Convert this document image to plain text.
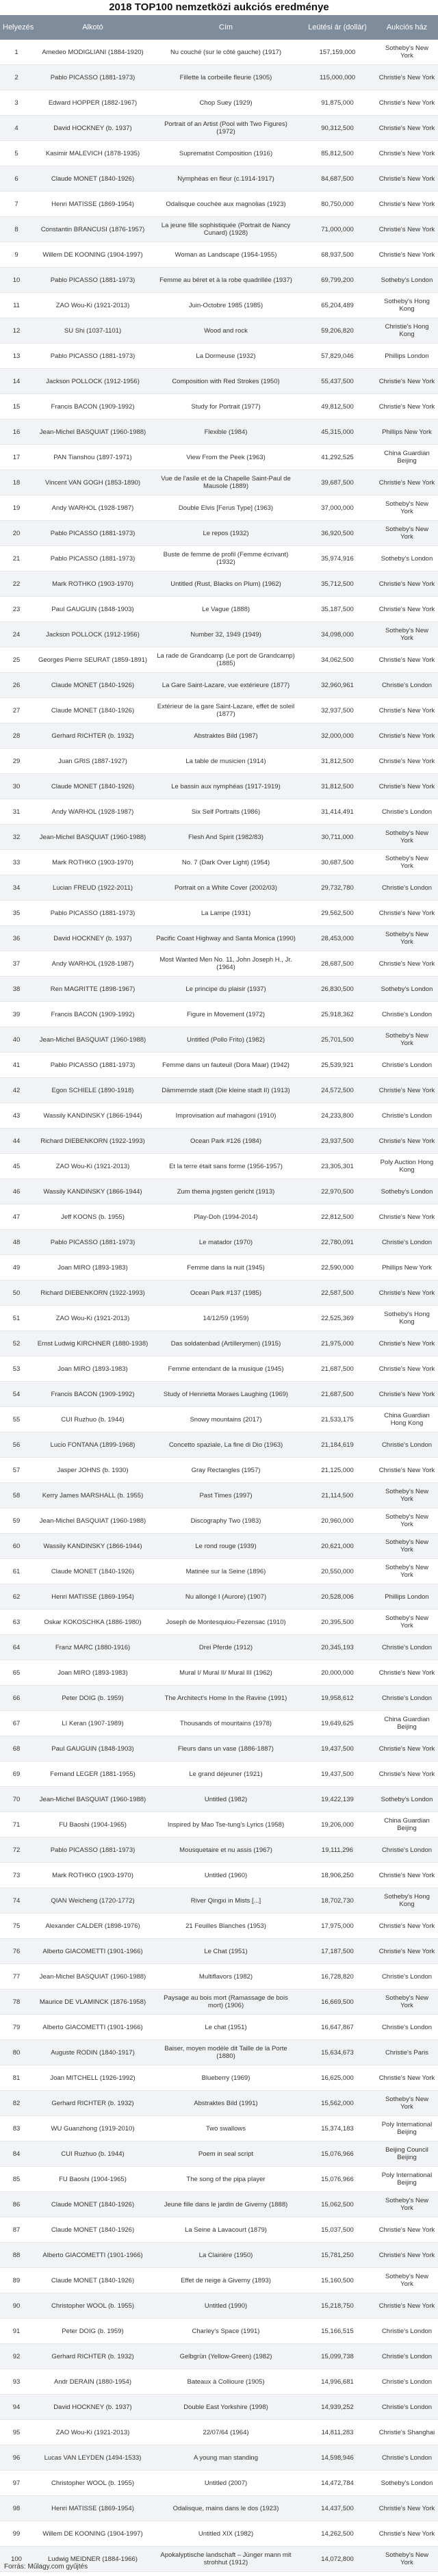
2018 TOP100 nemzetközi aukciós eredménye
Helyezés	Alkotó	Cím	Leütési ár (dollár)	Aukciós ház
1	Amedeo MODIGLIANI (1884-1920)	Nu couché (sur le côté gauche) (1917)	157,159,000	Sotheby's New York
2	Pablo PICASSO (1881-1973)	Fillette la corbeille fleurie (1905)	115,000,000	Christie's New York
3	Edward HOPPER (1882-1967)	Chop Suey (1929)	91,875,000	Christie's New York
4	David HOCKNEY (b. 1937)	Portrait of an Artist (Pool with Two Figures) (1972)	90,312,500	Christie's New York
5	Kasimir MALEVICH (1878-1935)	Suprematist Composition (1916)	85,812,500	Christie's New York
6	Claude MONET (1840-1926)	Nymphéas en fleur (c.1914-1917)	84,687,500	Christie's New York
7	Henri MATISSE (1869-1954)	Odalisque couchée aux magnolias (1923)	80,750,000	Christie's New York
8	Constantin BRANCUSI (1876-1957)	La jeune fille sophistiquée (Portrait de Nancy Cunard) (1928)	71,000,000	Christie's New York
9	Willem DE KOONING (1904-1997)	Woman as Landscape (1954-1955)	68,937,500	Christie's New York
10	Pablo PICASSO (1881-1973)	Femme au béret et à la robe quadrillée (1937)	69,799,200	Sotheby's London
11	ZAO Wou-Ki (1921-2013)	Juin-Octobre 1985 (1985)	65,204,489	Sotheby's Hong Kong
12	SU Shi (1037-1101)	Wood and rock	59,206,820	Christie's Hong Kong
13	Pablo PICASSO (1881-1973)	La Dormeuse (1932)	57,829,046	Phillips London
14	Jackson POLLOCK (1912-1956)	Composition with Red Strokes (1950)	55,437,500	Christie's New York
15	Francis BACON (1909-1992)	Study for Portrait (1977)	49,812,500	Christie's New York
16	Jean-Michel BASQUIAT (1960-1988)	Flexible (1984)	45,315,000	Phillips New York
17	PAN Tianshou (1897-1971)	View From the Peek (1963)	41,292,525	China Guardian Beijing
18	Vincent VAN GOGH (1853-1890)	Vue de l'asile et de la Chapelle Saint-Paul de Mausole (1889)	39,687,500	Christie's New York
19	Andy WARHOL (1928-1987)	Double Elvis [Ferus Type] (1963)	37,000,000	Sotheby's New York
20	Pablo PICASSO (1881-1973)	Le repos (1932)	36,920,500	Sotheby's New York
21	Pablo PICASSO (1881-1973)	Buste de femme de profil (Femme écrivant) (1932)	35,974,916	Sotheby's London
22	Mark ROTHKO (1903-1970)	Untitled (Rust, Blacks on Plum) (1962)	35,712,500	Christie's New York
23	Paul GAUGUIN (1848-1903)	Le Vague (1888)	35,187,500	Christie's New York
24	Jackson POLLOCK (1912-1956)	Number 32, 1949 (1949)	34,098,000	Sotheby's New York
25	Georges Pierre SEURAT (1859-1891)	La rade de Grandcamp (Le port de Grandcamp) (1885)	34,062,500	Christie's New York
26	Claude MONET (1840-1926)	La Gare Saint-Lazare, vue extérieure (1877)	32,960,961	Christie's London
27	Claude MONET (1840-1926)	Extérieur de la gare Saint-Lazare, effet de soleil (1877)	32,937,500	Christie's New York
28	Gerhard RICHTER (b. 1932)	Abstraktes Bild (1987)	32,000,000	Christie's New York
29	Juan GRIS (1887-1927)	La table de musicien (1914)	31,812,500	Christie's New York
30	Claude MONET (1840-1926)	Le bassin aux nymphéas (1917-1919)	31,812,500	Christie's New York
31	Andy WARHOL (1928-1987)	Six Self Portraits (1986)	31,414,491	Christie's London
32	Jean-Michel BASQUIAT (1960-1988)	Flesh And Spirit (1982/83)	30,711,000	Sotheby's New York
33	Mark ROTHKO (1903-1970)	No. 7 (Dark Over Light) (1954)	30,687,500	Sotheby's New York
34	Lucian FREUD (1922-2011)	Portrait on a White Cover (2002/03)	29,732,780	Christie's London
35	Pablo PICASSO (1881-1973)	La Lampe (1931)	29,562,500	Christie's New York
36	David HOCKNEY (b. 1937)	Pacific Coast Highway and Santa Monica (1990)	28,453,000	Sotheby's New York
37	Andy WARHOL (1928-1987)	Most Wanted Men No. 11, John Joseph H., Jr. (1964)	28,687,500	Christie's New York
38	Ren MAGRITTE (1898-1967)	Le principe du plaisir (1937)	26,830,500	Sotheby's London
39	Francis BACON (1909-1992)	Figure in Movement (1972)	25,918,362	Christie's London
40	Jean-Michel BASQUIAT (1960-1988)	Untitled (Pollo Frito) (1982)	25,701,500	Sotheby's New York
41	Pablo PICASSO (1881-1973)	Femme dans un fauteuil (Dora Maar) (1942)	25,539,921	Christie's London
42	Egon SCHIELE (1890-1918)	Dämmernde stadt (Die kleine stadt II) (1913)	24,572,500	Christie's New York
43	Wassily KANDINSKY (1866-1944)	Improvisation auf mahagoni (1910)	24,233,800	Christie's London
44	Richard DIEBENKORN (1922-1993)	Ocean Park #126 (1984)	23,937,500	Christie's New York
45	ZAO Wou-Ki (1921-2013)	Et la terre était sans forme (1956-1957)	23,305,301	Poly Auction Hong Kong
46	Wassily KANDINSKY (1866-1944)	Zum thema jngsten gericht (1913)	22,970,500	Sotheby's London
47	Jeff KOONS (b. 1955)	Play-Doh (1994-2014)	22,812,500	Christie's New York
48	Pablo PICASSO (1881-1973)	Le matador (1970)	22,780,091	Christie's London
49	Joan MIRO (1893-1983)	Femme dans la nuit (1945)	22,590,000	Phillips New York
50	Richard DIEBENKORN (1922-1993)	Ocean Park #137 (1985)	22,587,500	Christie's New York
51	ZAO Wou-Ki (1921-2013)	14/12/59 (1959)	22,525,369	Sotheby's Hong Kong
52	Ernst Ludwig KIRCHNER (1880-1938)	Das soldatenbad (Artillerymen) (1915)	21,975,000	Christie's New York
53	Joan MIRO (1893-1983)	Femme entendant de la musique (1945)	21,687,500	Christie's New York
54	Francis BACON (1909-1992)	Study of Henrietta Moraes Laughing (1969)	21,687,500	Christie's New York
55	CUI Ruzhuo (b. 1944)	Snowy mountains (2017)	21,533,175	China Guardian Hong Kong
56	Lucio FONTANA (1899-1968)	Concetto spaziale, La fine di Dio (1963)	21,184,619	Christie's London
57	Jasper JOHNS (b. 1930)	Gray Rectangles (1957)	21,125,000	Christie's New York
58	Kerry James MARSHALL (b. 1955)	Past Times (1997)	21,114,500	Sotheby's New York
59	Jean-Michel BASQUIAT (1960-1988)	Discography Two (1983)	20,960,000	Sotheby's New York
60	Wassily KANDINSKY (1866-1944)	Le rond rouge (1939)	20,621,000	Sotheby's New York
61	Claude MONET (1840-1926)	Matinée sur la Seine (1896)	20,550,000	Sotheby's New York
62	Henri MATISSE (1869-1954)	Nu allongé I (Aurore) (1907)	20,528,006	Phillips London
63	Oskar KOKOSCHKA (1886-1980)	Joseph de Montesquiou-Fezensac (1910)	20,395,500	Sotheby's New York
64	Franz MARC (1880-1916)	Drei Pferde (1912)	20,345,193	Christie's London
65	Joan MIRO (1893-1983)	Mural I/ Mural II/ Mural III (1962)	20,000,000	Christie's New York
66	Peter DOIG (b. 1959)	The Architect's Home In the Ravine (1991)	19,958,612	Christie's London
67	LI Keran (1907-1989)	Thousands of mountains (1978)	19,649,625	China Guardian Beijing
68	Paul GAUGUIN (1848-1903)	Fleurs dans un vase (1886-1887)	19,437,500	Christie's New York
69	Fernand LEGER (1881-1955)	Le grand déjeuner (1921)	19,437,500	Christie's New York
70	Jean-Michel BASQUIAT (1960-1988)	Untitled (1982)	19,422,139	Sotheby's London
71	FU Baoshi (1904-1965)	Inspired by Mao Tse-tung's Lyrics (1958)	19,206,000	China Guardian Beijing
72	Pablo PICASSO (1881-1973)	Mousquetaire et nu assis (1967)	19,111,296	Christie's London
73	Mark ROTHKO (1903-1970)	Untitled (1960)	18,906,250	Christie's New York
74	QIAN Weicheng (1720-1772)	River Qingxi in Mists [...]	18,702,730	Sotheby's Hong Kong
75	Alexander CALDER (1898-1976)	21 Feuilles Blanches (1953)	17,975,000	Christie's New York
76	Alberto GIACOMETTI (1901-1966)	Le Chat (1951)	17,187,500	Christie's New York
77	Jean-Michel BASQUIAT (1960-1988)	Multiflavors (1982)	16,728,820	Christie's London
78	Maurice DE VLAMINCK (1876-1958)	Paysage au bois mort (Ramassage de bois mort) (1906)	16,669,500	Sotheby's New York
79	Alberto GIACOMETTI (1901-1966)	Le chat (1951)	16,647,867	Christie's London
80	Auguste RODIN (1840-1917)	Baiser, moyen modèle dit Taille de la Porte (1880)	15,634,673	Christie's Paris
81	Joan MITCHELL (1926-1992)	Blueberry (1969)	16,625,000	Christie's New York
82	Gerhard RICHTER (b. 1932)	Abstraktes Bild (1991)	15,562,000	Sotheby's New York
83	WU Guanzhong (1919-2010)	Two swallows	15,374,183	Poly International Beijing
84	CUI Ruzhuo (b. 1944)	Poem in seal script	15,076,966	Beijing Council Beijing
85	FU Baoshi (1904-1965)	The song of the pipa player	15,076,966	Poly International Beijing
86	Claude MONET (1840-1926)	Jeune fille dans le jardin de Giverny (1888)	15,062,500	Sotheby's New York
87	Claude MONET (1840-1926)	La Seine à Lavacourt (1879)	15,037,500	Christie's New York
88	Alberto GIACOMETTI (1901-1966)	La Clairière (1950)	15,781,250	Christie's New York
89	Claude MONET (1840-1926)	Effet de neige à Giverny (1893)	15,160,500	Sotheby's New York
90	Christopher WOOL (b. 1955)	Untitled (1990)	15,218,750	Christie's New York
91	Peter DOIG (b. 1959)	Charley's Space (1991)	15,166,515	Christie's London
92	Gerhard RICHTER (b. 1932)	Gelbgrün (Yellow-Green) (1982)	15,099,738	Christie's London
93	Andr DERAIN (1880-1954)	Bateaux à Collioure (1905)	14,996,681	Christie's London
94	David HOCKNEY (b. 1937)	Double East Yorkshire (1998)	14,939,252	Christie's London
95	ZAO Wou-Ki (1921-2013)	22/07/64 (1964)	14,811,283	Christie's Shanghai
96	Lucas VAN LEYDEN (1494-1533)	A young man standing	14,598,946	Christie's London
97	Christopher WOOL (b. 1955)	Untitled (2007)	14,472,784	Sotheby's London
98	Henri MATISSE (1869-1954)	Odalisque, mains dans le dos (1923)	14,437,500	Christie's New York
99	Willem DE KOONING (1904-1997)	Untitled XIX (1982)	14,262,500	Christie's New York
100	Ludwig MEIDNER (1884-1966)	Apokalyptische landschaft – Jünger mann mit strohhut (1912)	14,072,800	Sotheby's New York
Forrás: Műlagy.com gyűjtés
